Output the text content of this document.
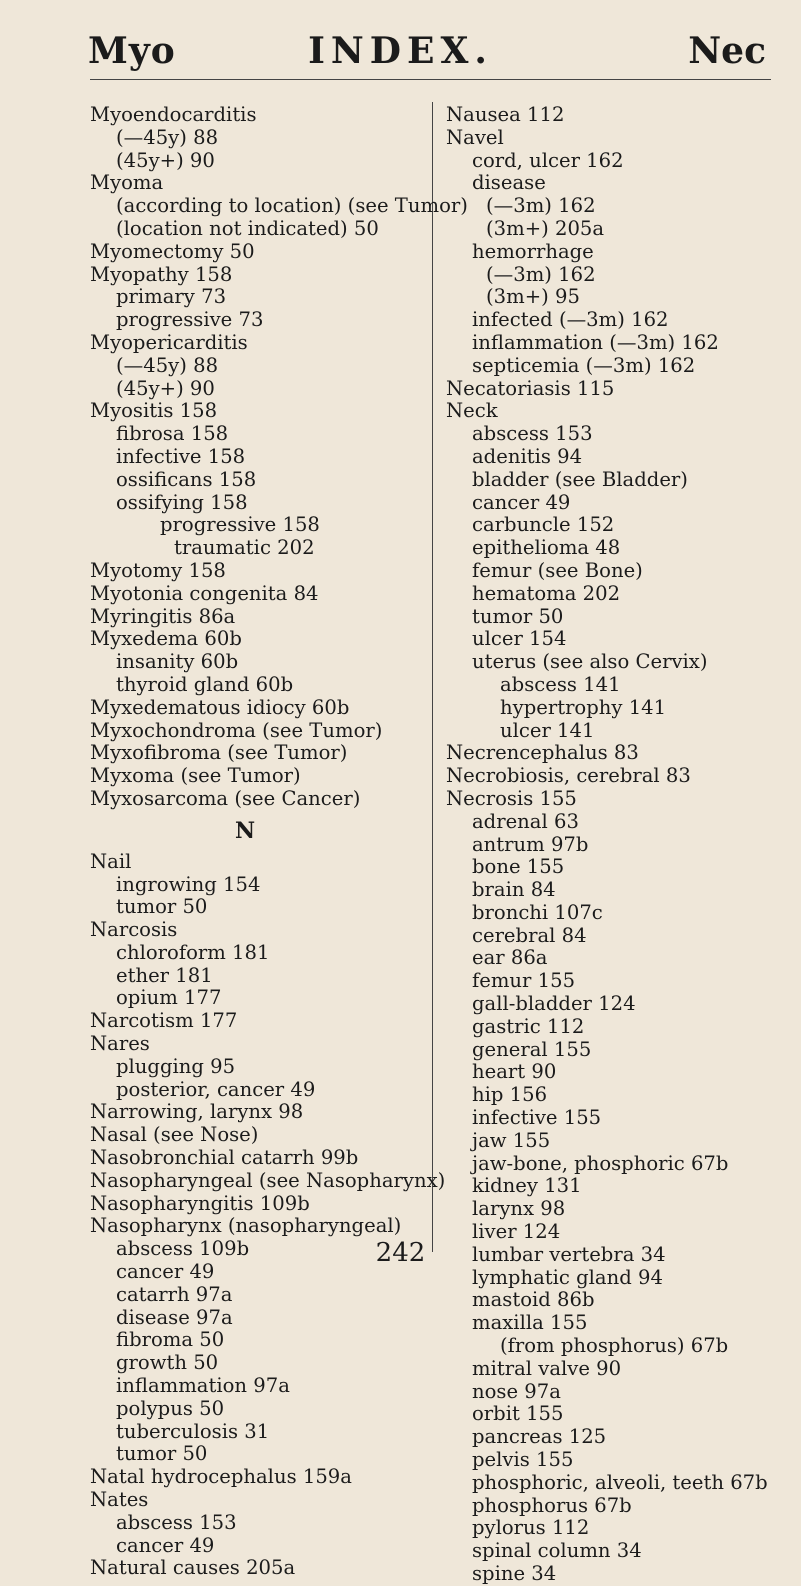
INDEX.
Myo	Nec
Myoendocarditis
(—45y) 88
(45y+) 90
Myoma
(according to location) (see Tumor)
(location not indicated) 50
Myomectomy 50
Myopathy 158
primary 73
progressive 73
Myopericarditis
(—45y) 88
(45y+) 90
Myositis 158
fibrosa 158
infective 158
ossificans 158
ossifying 158
progressive 158
traumatic 202
Myotomy 158
Myotonia congenita 84
Myringitis 86a
Myxedema 60b
insanity 60b
thyroid gland 60b
Myxedematous idiocy 60b
Myxochondroma (see Tumor)
Myxofibroma (see Tumor)
Myxoma (see Tumor)
Myxosarcoma (see Cancer)
N
Nail
ingrowing 154
tumor 50
Narcosis
chloroform 181
ether 181
opium 177
Narcotism 177
Nares
plugging 95
posterior, cancer 49
Narrowing, larynx 98
Nasal (see Nose)
Nasobronchial catarrh 99b
Nasopharyngeal (see Nasopharynx)
Nasopharyngitis 109b
Nasopharynx (nasopharyngeal)
abscess 109b
cancer 49
catarrh 97a
disease 97a
fibroma 50
growth 50
inflammation 97a
polypus 50
tuberculosis 31
tumor 50
Natal hydrocephalus 159a
Nates
abscess 153
cancer 49
Natural causes 205a
Nausea 112
Navel
cord, ulcer 162
disease
(—3m) 162
(3m+) 205a
hemorrhage
(—3m) 162
(3m+) 95
infected (—3m) 162
inflammation (—3m) 162
septicemia (—3m) 162
Necatoriasis 115
Neck
abscess 153
adenitis 94
bladder (see Bladder)
cancer 49
carbuncle 152
epithelioma 48
femur (see Bone)
hematoma 202
tumor 50
ulcer 154
uterus (see also Cervix)
abscess 141
hypertrophy 141
ulcer 141
Necrencephalus 83
Necrobiosis, cerebral 83
Necrosis 155
adrenal 63
antrum 97b
bone 155
brain 84
bronchi 107c
cerebral 84
ear 86a
femur 155
gall-bladder 124
gastric 112
general 155
heart 90
hip 156
infective 155
jaw 155
jaw-bone, phosphoric 67b
kidney 131
larynx 98
liver 124
lumbar vertebra 34
lymphatic gland 94
mastoid 86b
maxilla 155
(from phosphorus) 67b
mitral valve 90
nose 97a
orbit 155
pancreas 125
pelvis 155
phosphoric, alveoli, teeth 67b
phosphorus 67b
pylorus 112
spinal column 34
spine 34
242
